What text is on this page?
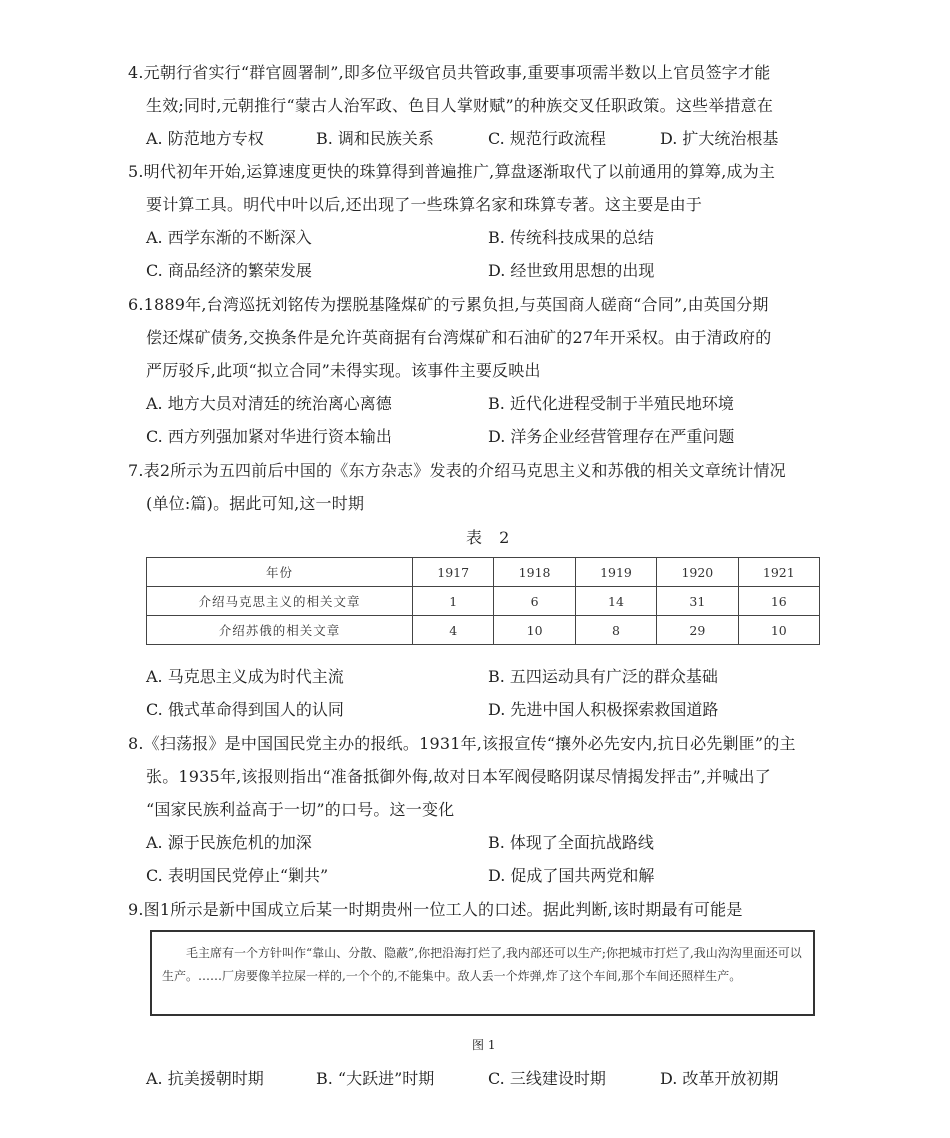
4.元朝行省实行“群官圆署制”,即多位平级官员共管政事,重要事项需半数以上官员签字才能
生效;同时,元朝推行“蒙古人治军政、色目人掌财赋”的种族交叉任职政策。这些举措意在
A. 防范地方专权	B. 调和民族关系	C. 规范行政流程	D. 扩大统治根基
5.明代初年开始,运算速度更快的珠算得到普遍推广,算盘逐渐取代了以前通用的算筹,成为主
要计算工具。明代中叶以后,还出现了一些珠算名家和珠算专著。这主要是由于
A. 西学东渐的不断深入	B. 传统科技成果的总结
C. 商品经济的繁荣发展	D. 经世致用思想的出现
6.1889年,台湾巡抚刘铭传为摆脱基隆煤矿的亏累负担,与英国商人磋商“合同”,由英国分期
偿还煤矿债务,交换条件是允许英商据有台湾煤矿和石油矿的27年开采权。由于清政府的
严厉驳斥,此项“拟立合同”未得实现。该事件主要反映出
A. 地方大员对清廷的统治离心离德	B. 近代化进程受制于半殖民地环境
C. 西方列强加紧对华进行资本输出	D. 洋务企业经营管理存在严重问题
7.表2所示为五四前后中国的《东方杂志》发表的介绍马克思主义和苏俄的相关文章统计情况
(单位:篇)。据此可知,这一时期
表 2
年份	1917	1918	1919	1920	1921
介绍马克思主义的相关文章	1	6	14	31	16
介绍苏俄的相关文章	4	10	8	29	10
A. 马克思主义成为时代主流	B. 五四运动具有广泛的群众基础
C. 俄式革命得到国人的认同	D. 先进中国人积极探索救国道路
8.《扫荡报》是中国国民党主办的报纸。1931年,该报宣传“攘外必先安内,抗日必先剿匪”的主
张。1935年,该报则指出“准备抵御外侮,故对日本军阀侵略阴谋尽情揭发抨击”,并喊出了
“国家民族利益高于一切”的口号。这一变化
A. 源于民族危机的加深	B. 体现了全面抗战路线
C. 表明国民党停止“剿共”	D. 促成了国共两党和解
9.图1所示是新中国成立后某一时期贵州一位工人的口述。据此判断,该时期最有可能是

毛主席有一个方针叫作“靠山、分散、隐蔽”,你把沿海打烂了,我内部还可以生产;你把城市打烂了,我山沟沟里面还可以生产。……厂房要像羊拉屎一样的,一个个的,不能集中。敌人丢一个炸弹,炸了这个车间,那个车间还照样生产。

图 1
A. 抗美援朝时期	B. “大跃进”时期	C. 三线建设时期	D. 改革开放初期
